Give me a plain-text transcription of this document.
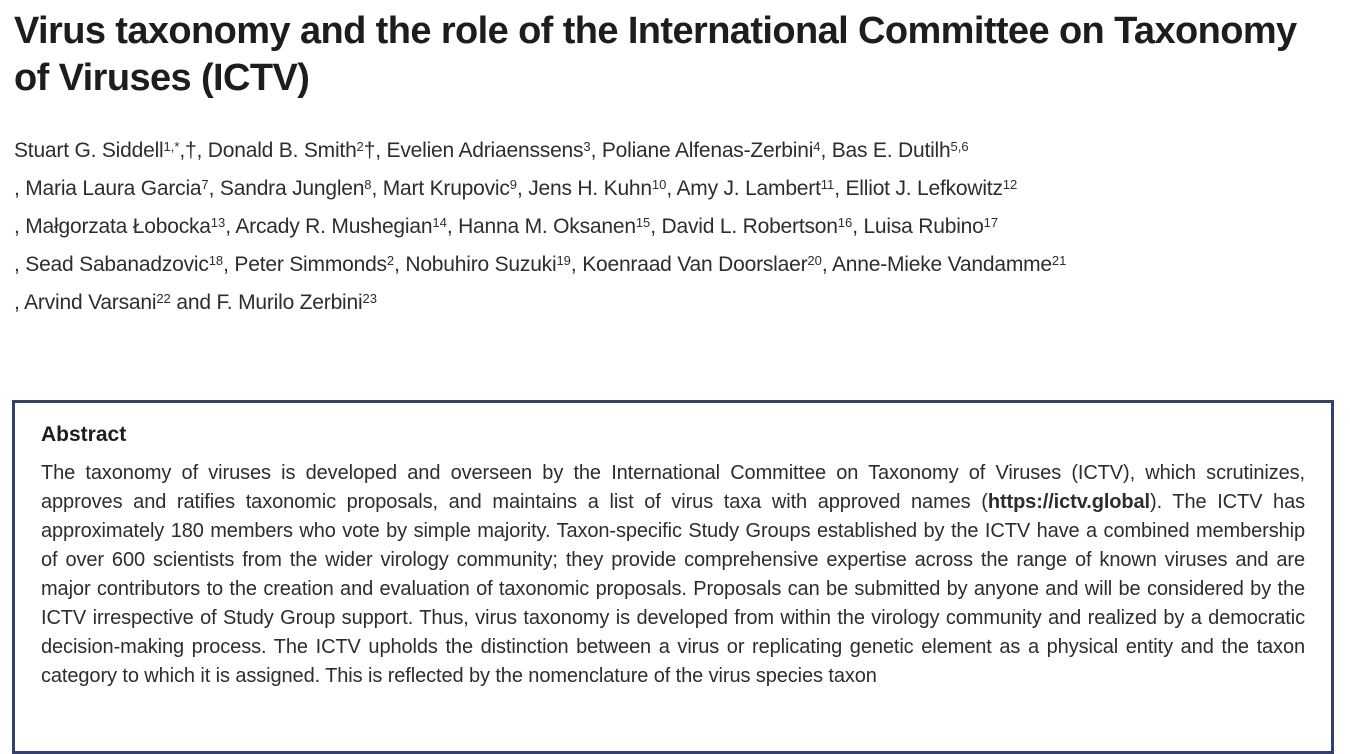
Virus taxonomy and the role of the International Committee on Taxonomy of Viruses (ICTV)

Stuart G. Siddell$^{1,*}$,†, Donald B. Smith$^2$†, Evelien Adriaenssens$^3$, Poliane Alfenas-Zerbini$^4$, Bas E. Dutilh$^{5,6}$
, Maria Laura Garcia$^7$, Sandra Junglen$^8$, Mart Krupovic$^9$, Jens H. Kuhn$^{10}$, Amy J. Lambert$^{11}$, Elliot J. Lefkowitz$^{12}$
, Małgorzata Łobocka$^{13}$, Arcady R. Mushegian$^{14}$, Hanna M. Oksanen$^{15}$, David L. Robertson$^{16}$, Luisa Rubino$^{17}$
, Sead Sabanadzovic$^{18}$, Peter Simmonds$^2$, Nobuhiro Suzuki$^{19}$, Koenraad Van Doorslaer$^{20}$, Anne-Mieke Vandamme$^{21}$
, Arvind Varsani$^{22}$ and F. Murilo Zerbini$^{23}$

Abstract

The taxonomy of viruses is developed and overseen by the International Committee on Taxonomy of Viruses (ICTV), which scrutinizes, approves and ratifies taxonomic proposals, and maintains a list of virus taxa with approved names (https://ictv.global). The ICTV has approximately 180 members who vote by simple majority. Taxon-specific Study Groups established by the ICTV have a combined membership of over 600 scientists from the wider virology community; they provide comprehensive expertise across the range of known viruses and are major contributors to the creation and evaluation of taxonomic proposals. Proposals can be submitted by anyone and will be considered by the ICTV irrespective of Study Group support. Thus, virus taxonomy is developed from within the virology community and realized by a democratic decision-making process. The ICTV upholds the distinction between a virus or replicating genetic element as a physical entity and the taxon category to which it is assigned. This is reflected by the nomenclature of the virus species taxon
